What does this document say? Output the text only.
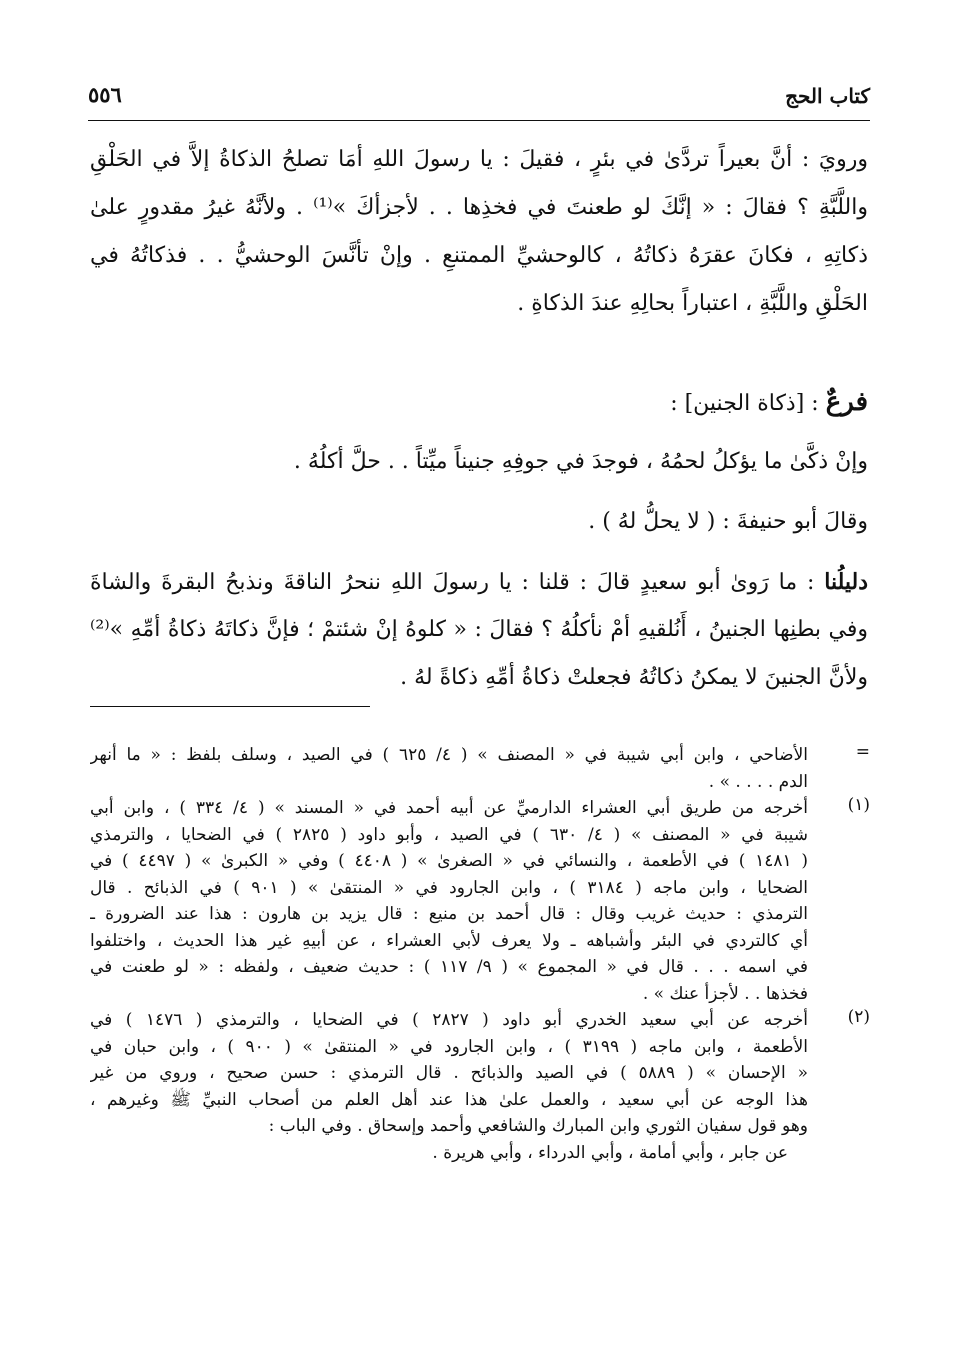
كتاب الحج
٥٥٦
ورويَ : أنَّ بعيراً تردَّىٰ في بئرٍ ، فقيلَ : يا رسولَ اللهِ أمَا تصلحُ الذكاةُ إلاَّ في الحَلْقِ
واللَّبَّةِ ؟ فقالَ : « إنَّكَ لو طعنتَ في فخذِها . . لأجزأكَ »⁽¹⁾ . ولأنَّهُ غيرُ مقدورٍ علىٰ
ذكاتِهِ ، فكانَ عقرَهُ ذكاتُهُ ، كالوحشيِّ الممتنعِ . وإنْ تأنَّسَ الوحشيُّ . . فذكاتُهُ في
الحَلْقِ واللَّبَّةِ ، اعتباراً بحالِهِ عندَ الذكاةِ .
فرعٌ : [ذكاة الجنين] :
وإنْ ذكَّىٰ ما يؤكلُ لحمُهُ ، فوجدَ في جوفِهِ جنيناً ميِّتاً . . حلَّ أكلُهُ .
وقالَ أبو حنيفةَ : ( لا يحلُّ لهُ ) .
دليلُنا : ما رَوىٰ أبو سعيدٍ قالَ : قلنا : يا رسولَ اللهِ ننحرُ الناقةَ ونذبحُ البقرةَ والشاةَ
وفي بطنِها الجنينُ ، أَنُلقيهِ أمْ نأكلُهُ ؟ فقالَ : « كلوهُ إنْ شئتمْ ؛ فإنَّ ذكاتَهُ ذكاةُ أمِّهِ »⁽²⁾
ولأنَّ الجنينَ لا يمكنُ ذكاتُهُ فجعلتْ ذكاةُ أمِّهِ ذكاةً لهُ .
=
الأضاحي ، وابن أبي شيبة في « المصنف » ( ٤/ ٦٢٥ ) في الصيد ، وسلف بلفظ : « ما أنهر
الدم . . . . » .
(١)
أخرجه من طريق أبي العشراء الدارميِّ عن أبيه أحمد في « المسند » ( ٤/ ٣٣٤ ) ، وابن أبي
شيبة في « المصنف » ( ٤/ ٦٣٠ ) في الصيد ، وأبو داود ( ٢٨٢٥ ) في الضحايا ، والترمذي
( ١٤٨١ ) في الأطعمة ، والنسائي في « الصغرىٰ » ( ٤٤٠٨ ) وفي « الكبرىٰ » ( ٤٤٩٧ ) في
الضحايا ، وابن ماجه ( ٣١٨٤ ) ، وابن الجارود في « المنتقىٰ » ( ٩٠١ ) في الذبائح . قال
الترمذي : حديث غريب وقال : قال أحمد بن منيع : قال يزيد بن هارون : هذا عند الضرورة ـ
أي كالتردي في البئر وأشباهه ـ ولا يعرف لأبي العشراء ، عن أبيهِ غير هذا الحديث ، واختلفوا
في اسمه . . . قال في « المجموع » ( ٩/ ١١٧ ) : حديث ضعيف ، ولفظه : « لو طعنت في
فخذها . . لأجزأ عنك » .
(٢)
أخرجه عن أبي سعيد الخدري أبو داود ( ٢٨٢٧ ) في الضحايا ، والترمذي ( ١٤٧٦ ) في
الأطعمة ، وابن ماجه ( ٣١٩٩ ) ، وابن الجارود في « المنتقىٰ » ( ٩٠٠ ) ، وابن حبان في
« الإحسان » ( ٥٨٨٩ ) في الصيد والذبائح . قال الترمذي : حسن صحيح ، وروي من غير
هذا الوجه عن أبي سعيد ، والعمل علىٰ هذا عند أهل العلم من أصحاب النبيِّ ﷺ وغيرهم ،
وهو قول سفيان الثوري وابن المبارك والشافعي وأحمد وإسحاق . وفي الباب :
عن جابر ، وأبي أمامة ، وأبي الدرداء ، وأبي هريرة .
